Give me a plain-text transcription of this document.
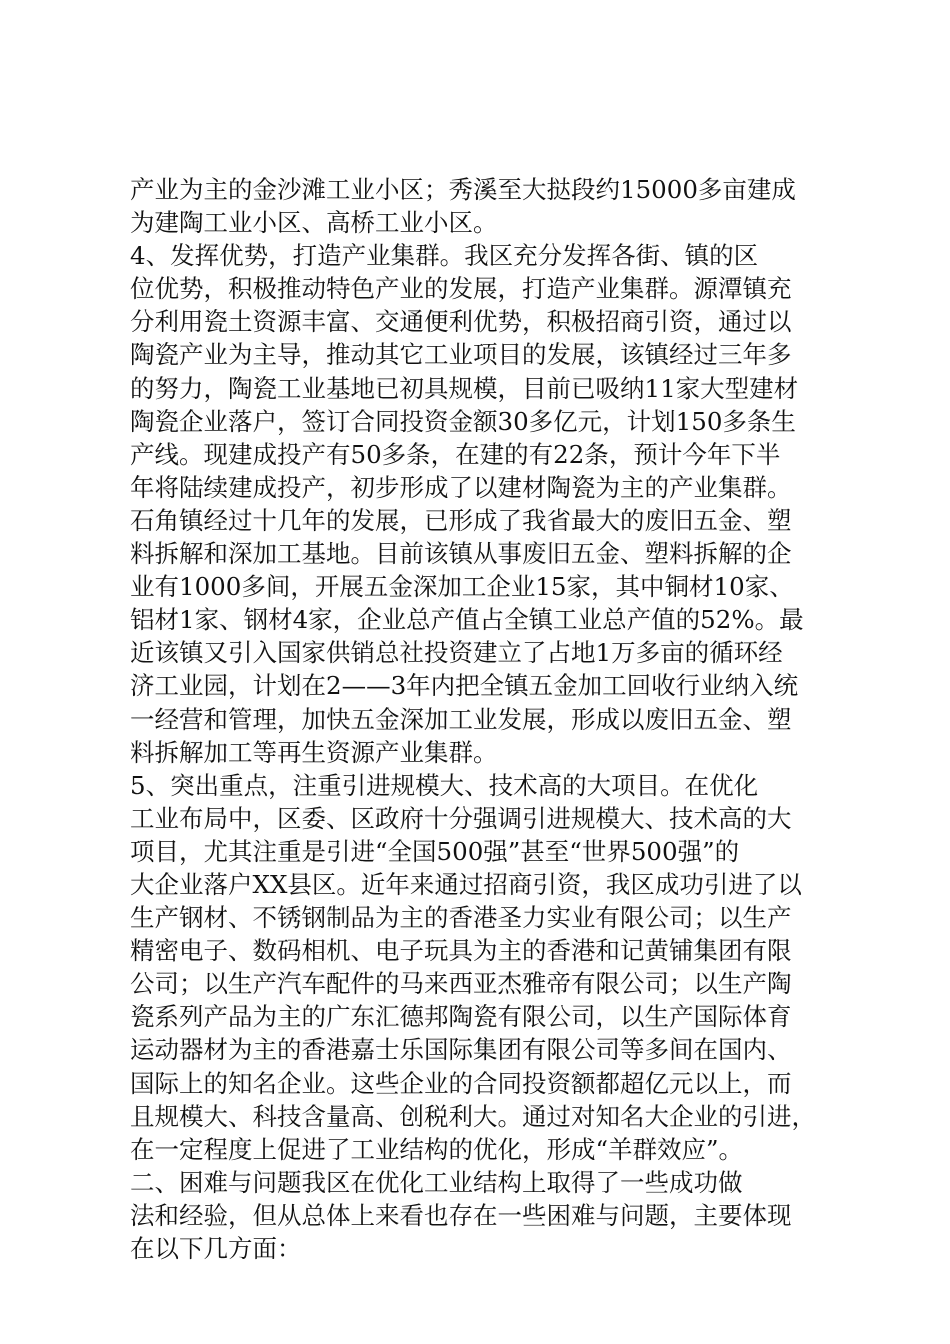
产业为主的金沙滩工业小区；秀溪至大挞段约15000多亩建成
为建陶工业小区、高桥工业小区。

4、发挥优势，打造产业集群。我区充分发挥各街、镇的区
位优势，积极推动特色产业的发展，打造产业集群。源潭镇充
分利用瓷土资源丰富、交通便利优势，积极招商引资，通过以
陶瓷产业为主导，推动其它工业项目的发展，该镇经过三年多
的努力，陶瓷工业基地已初具规模，目前已吸纳11家大型建材
陶瓷企业落户，签订合同投资金额30多亿元，计划150多条生
产线。现建成投产有50多条，在建的有22条，预计今年下半
年将陆续建成投产，初步形成了以建材陶瓷为主的产业集群。
石角镇经过十几年的发展，已形成了我省最大的废旧五金、塑
料拆解和深加工基地。目前该镇从事废旧五金、塑料拆解的企
业有1000多间，开展五金深加工企业15家，其中铜材10家、
铝材1家、钢材4家，企业总产值占全镇工业总产值的52%。最
近该镇又引入国家供销总社投资建立了占地1万多亩的循环经
济工业园，计划在2——3年内把全镇五金加工回收行业纳入统
一经营和管理，加快五金深加工业发展，形成以废旧五金、塑
料拆解加工等再生资源产业集群。

5、突出重点，注重引进规模大、技术高的大项目。在优化
工业布局中，区委、区政府十分强调引进规模大、技术高的大
项目，尤其注重是引进“全国500强”甚至“世界500强”的
大企业落户XX县区。近年来通过招商引资，我区成功引进了以
生产钢材、不锈钢制品为主的香港圣力实业有限公司；以生产
精密电子、数码相机、电子玩具为主的香港和记黄铺集团有限
公司；以生产汽车配件的马来西亚杰雅帝有限公司；以生产陶
瓷系列产品为主的广东汇德邦陶瓷有限公司，以生产国际体育
运动器材为主的香港嘉士乐国际集团有限公司等多间在国内、
国际上的知名企业。这些企业的合同投资额都超亿元以上，而
且规模大、科技含量高、创税利大。通过对知名大企业的引进，
在一定程度上促进了工业结构的优化，形成“羊群效应”。

二、困难与问题我区在优化工业结构上取得了一些成功做
法和经验，但从总体上来看也存在一些困难与问题，主要体现
在以下几方面：
